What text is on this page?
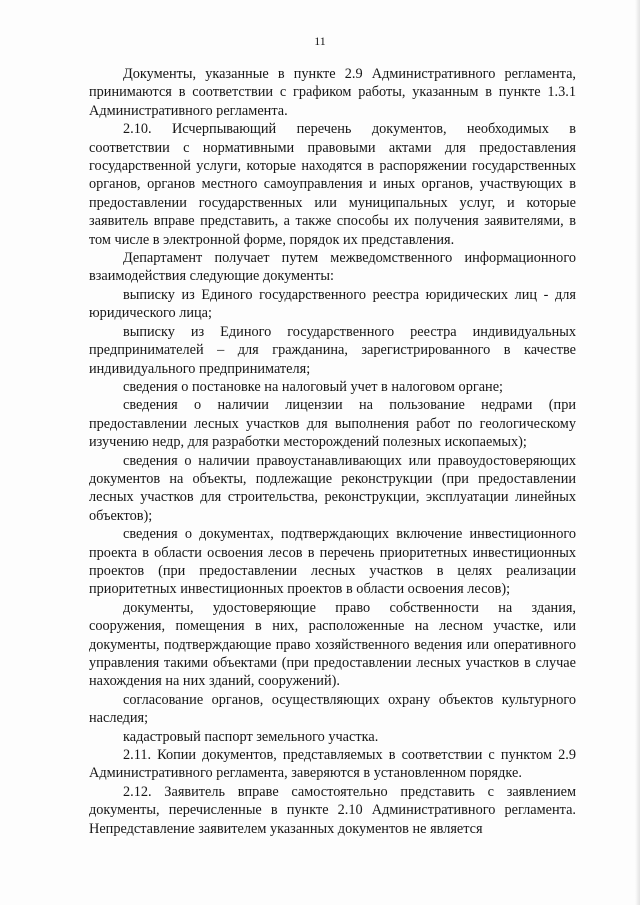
11

Документы, указанные в пункте 2.9 Административного регламента, принимаются в соответствии с графиком работы, указанным в пункте 1.3.1 Административного регламента.

2.10. Исчерпывающий перечень документов, необходимых в соответствии с нормативными правовыми актами для предоставления государственной услуги, которые находятся в распоряжении государственных органов, органов местного самоуправления и иных органов, участвующих в предоставлении государственных или муниципальных услуг, и которые заявитель вправе представить, а также способы их получения заявителями, в том числе в электронной форме, порядок их представления.

Департамент получает путем межведомственного информационного взаимодействия следующие документы:

выписку из Единого государственного реестра юридических лиц - для юридического лица;

выписку из Единого государственного реестра индивидуальных предпринимателей – для гражданина, зарегистрированного в качестве индивидуального предпринимателя;

сведения о постановке на налоговый учет в налоговом органе;

сведения о наличии лицензии на пользование недрами (при предоставлении лесных участков для выполнения работ по геологическому изучению недр, для разработки месторождений полезных ископаемых);

сведения о наличии правоустанавливающих или правоудостоверяющих документов на объекты, подлежащие реконструкции (при предоставлении лесных участков для строительства, реконструкции, эксплуатации линейных объектов);

сведения о документах, подтверждающих включение инвестиционного проекта в области освоения лесов в перечень приоритетных инвестиционных проектов (при предоставлении лесных участков в целях реализации приоритетных инвестиционных проектов в области освоения лесов);

документы, удостоверяющие право собственности на здания, сооружения, помещения в них, расположенные на лесном участке, или документы, подтверждающие право хозяйственного ведения или оперативного управления такими объектами (при предоставлении лесных участков в случае нахождения на них зданий, сооружений).

согласование органов, осуществляющих охрану объектов культурного наследия;

кадастровый паспорт земельного участка.

2.11. Копии документов, представляемых в соответствии с пунктом 2.9 Административного регламента, заверяются в установленном порядке.

2.12. Заявитель вправе самостоятельно представить с заявлением документы, перечисленные в пункте 2.10 Административного регламента. Непредставление заявителем указанных документов не является
